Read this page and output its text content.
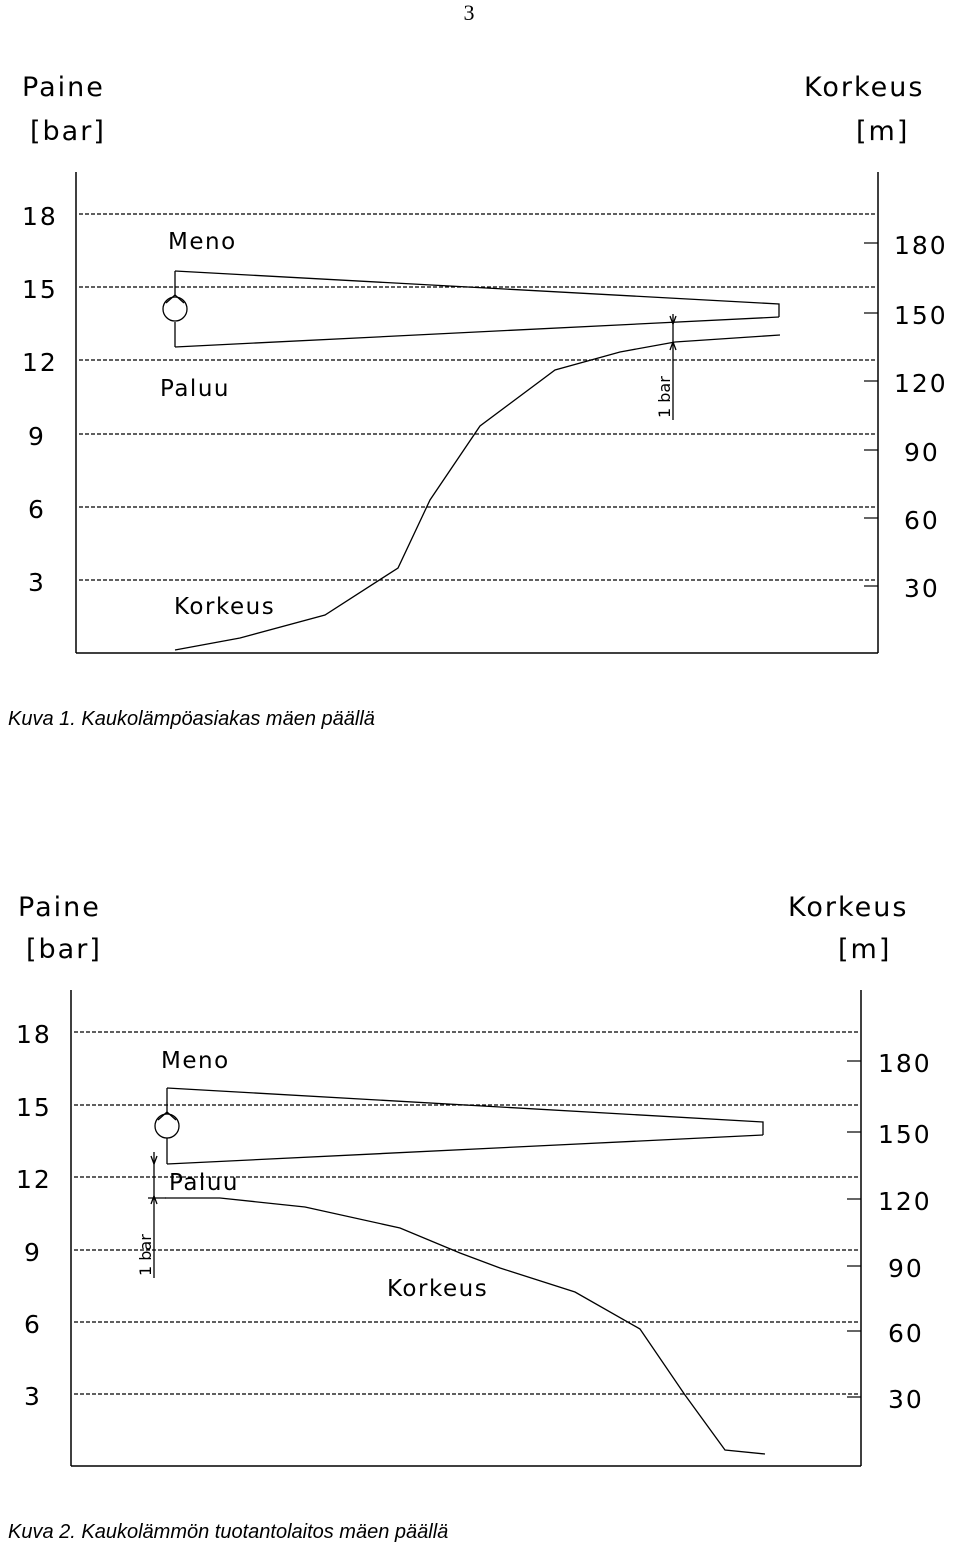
3
Paine
[bar]
Korkeus
[m]
18
15
12
9
6
3
180
150
120
90
60
30
Meno
Paluu
Korkeus
1 bar
Kuva 1. Kaukolämpöasiakas mäen päällä
Paine
[bar]
Korkeus
[m]
18
15
12
9
6
3
180
150
120
90
60
30
Meno
Paluu
Korkeus
1 bar
Kuva 2. Kaukolämmön tuotantolaitos mäen päällä
